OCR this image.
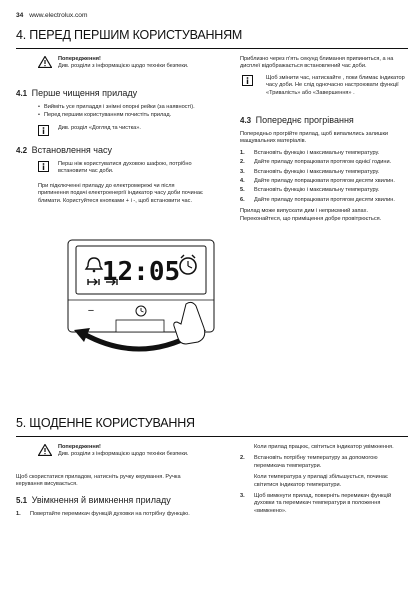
34 www.electrolux.com
4. ПЕРЕД ПЕРШИМ КОРИСТУВАННЯМ
Попередження!
Див. розділи з інформацією щодо техніки безпеки.
4.1 Перше чищення приладу
• Вийміть усе приладдя і знімні опорні рейки (за наявності).
• Перед першим користуванням почистіть прилад.
Див. розділ «Догляд та чистка».
4.2 Встановлення часу
Перш ніж користуватися духовою шафою, потрібно встановити час доби.

При підключенні приладу до електромережі чи після припинення подачі електроенергії індикатор часу доби починає блимати. Користуйтеся кнопками + і -, щоб встановити час.

12:05
−

Приблизно через п'ять секунд блимання припиниться, а на дисплеї відображається встановлений час доби.

Щоб змінити час, натискайте , поки блимає індикатор часу доби. Не слід одночасно настроювати функції «Тривалість» або «Завершення» .
4.3 Попереднє прогрівання

Попередньо прогрійте прилад, щоб випалились залишки мащувальних матеріалів.

1. Встановіть функцію і максимальну температуру.
2. Дайте приладу попрацювати протягом однієї години.
3. Встановіть функцію і максимальну температуру.
4. Дайте приладу попрацювати протягом десяти хвилин.
5. Встановіть функцію і максимальну температуру.
6. Дайте приладу попрацювати протягом десяти хвилин.

Прилад може випускати дим і неприємний запах. Переконайтеся, що приміщення добре провітрюється.

5. ЩОДЕННЕ КОРИСТУВАННЯ
Попередження!
Див. розділи з інформацією щодо техніки безпеки.

Щоб скористатися приладом, натисніть ручку керування. Ручка керування висувається.

5.1 Увімкнення й вимкнення приладу
1. Повертайте перемикач функцій духовки на потрібну функцію.

Коли прилад працює, світиться індикатор увімкнення.

2. Встановіть потрібну температуру за допомогою перемикача температури.

Коли температура у приладі збільшується, починає світитися індикатор температури.

3. Щоб вимкнути прилад, поверніть перемикач функцій духовки та перемикач температури в положення «вимкнено».
